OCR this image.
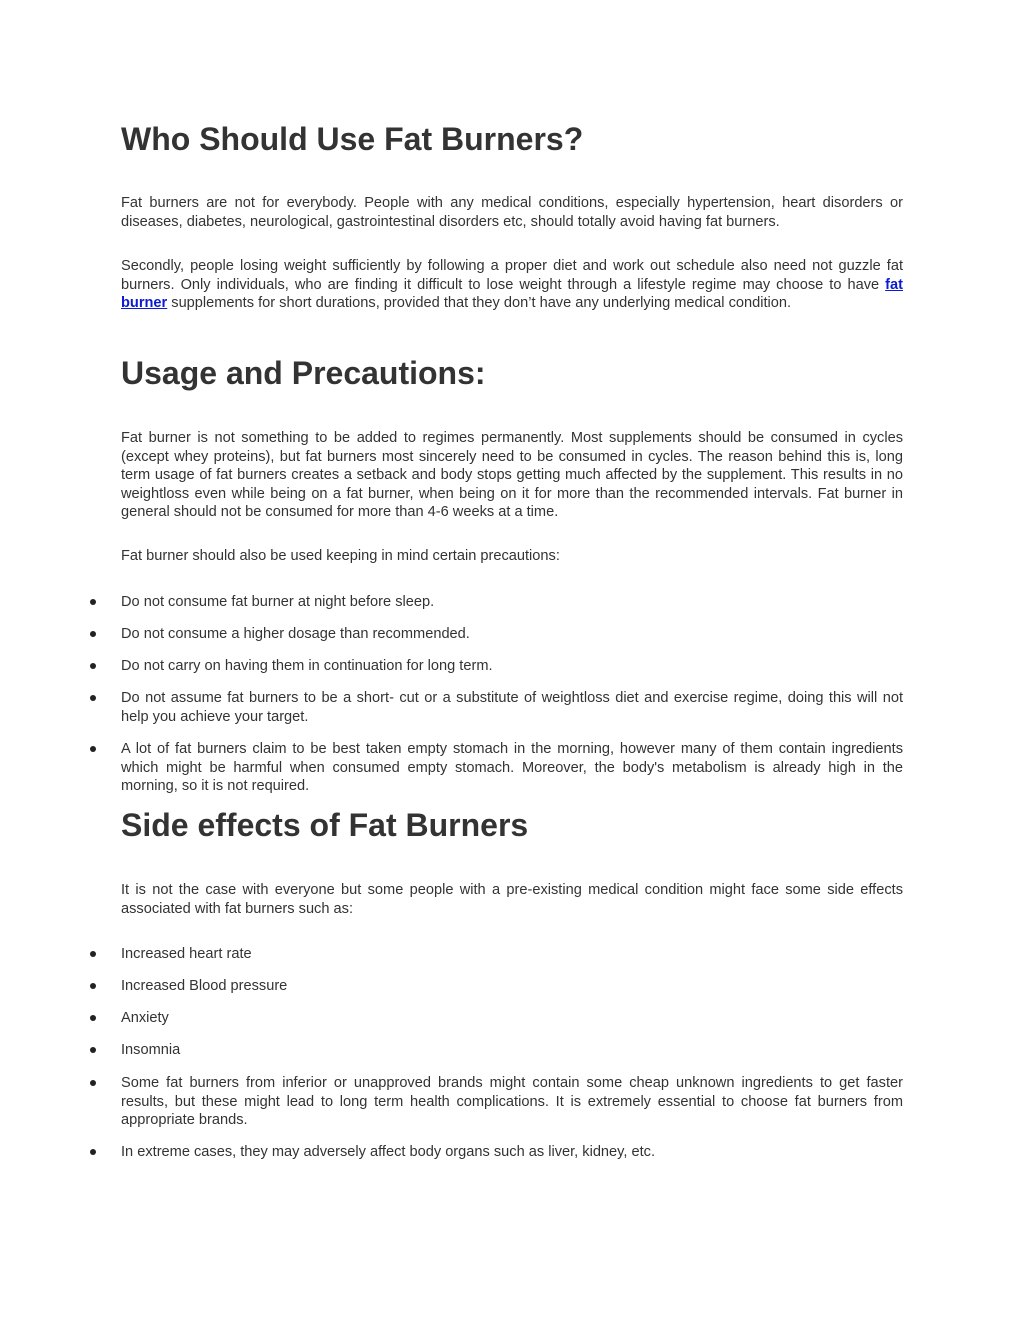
Who Should Use Fat Burners?

Fat burners are not for everybody. People with any medical conditions, especially hypertension, heart disorders or diseases, diabetes, neurological, gastrointestinal disorders etc, should totally avoid having fat burners.

Secondly, people losing weight sufficiently by following a proper diet and work out schedule also need not guzzle fat burners. Only individuals, who are finding it difficult to lose weight through a lifestyle regime may choose to have fat burner supplements for short durations, provided that they don’t have any underlying medical condition.

Usage and Precautions:

Fat burner is not something to be added to regimes permanently. Most supplements should be consumed in cycles (except whey proteins), but fat burners most sincerely need to be consumed in cycles. The reason behind this is, long term usage of fat burners creates a setback and body stops getting much affected by the supplement. This results in no weightloss even while being on a fat burner, when being on it for more than the recommended intervals. Fat burner in general should not be consumed for more than 4-6 weeks at a time.

Fat burner should also be used keeping in mind certain precautions:

Do not consume fat burner at night before sleep.
Do not consume a higher dosage than recommended.
Do not carry on having them in continuation for long term.
Do not assume fat burners to be a short- cut or a substitute of weightloss diet and exercise regime, doing this will not help you achieve your target.
A lot of fat burners claim to be best taken empty stomach in the morning, however many of them contain ingredients which might be harmful when consumed empty stomach. Moreover, the body's metabolism is already high in the morning, so it is not required.
Side effects of Fat Burners

It is not the case with everyone but some people with a pre-existing medical condition might face some side effects associated with fat burners such as:

Increased heart rate
Increased Blood pressure
Anxiety
Insomnia
Some fat burners from inferior or unapproved brands might contain some cheap unknown ingredients to get faster results, but these might lead to long term health complications. It is extremely essential to choose fat burners from appropriate brands.
In extreme cases, they may adversely affect body organs such as liver, kidney, etc.
